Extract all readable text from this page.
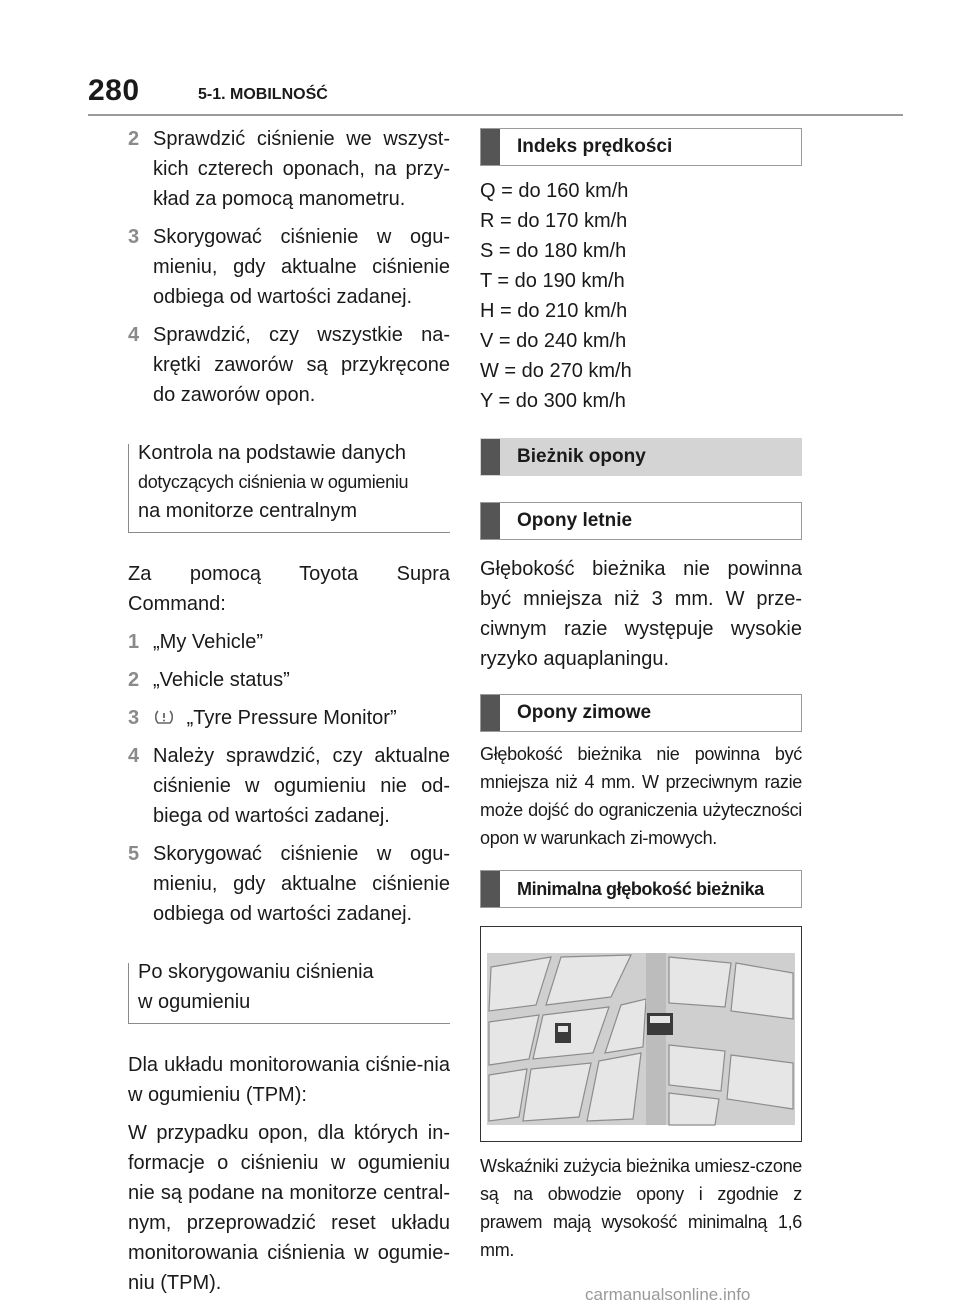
280	5-1. MOBILNOŚĆ
2 Sprawdzić ciśnienie we wszyst-kich czterech oponach, na przy-kład za pomocą manometru.
3 Skorygować ciśnienie w ogu-mieniu, gdy aktualne ciśnienie odbiega od wartości zadanej.
4 Sprawdzić, czy wszystkie na-krętki zaworów są przykręcone do zaworów opon.
Kontrola na podstawie danych
dotyczących ciśnienia w ogumieniu
na monitorze centralnym

Za pomocą Toyota Supra Command:

1 „My Vehicle”
2 „Vehicle status”
3 „Tyre Pressure Monitor”
4 Należy sprawdzić, czy aktualne ciśnienie w ogumieniu nie od-biega od wartości zadanej.
5 Skorygować ciśnienie w ogu-mieniu, gdy aktualne ciśnienie odbiega od wartości zadanej.
Po skorygowaniu ciśnienia
w ogumieniu

Dla układu monitorowania ciśnie-nia w ogumieniu (TPM):

W przypadku opon, dla których in-formacje o ciśnieniu w ogumieniu nie są podane na monitorze central-nym, przeprowadzić reset układu monitorowania ciśnienia w ogumie-niu (TPM).

Indeks prędkości
Q = do 160 km/h
R = do 170 km/h
S = do 180 km/h
T = do 190 km/h
H = do 210 km/h
V = do 240 km/h
W = do 270 km/h
Y = do 300 km/h
Bieżnik opony
Opony letnie

Głębokość bieżnika nie powinna być mniejsza niż 3 mm. W prze-ciwnym razie występuje wysokie ryzyko aquaplaningu.

Opony zimowe

Głębokość bieżnika nie powinna być mniejsza niż 4 mm. W przeciwnym razie może dojść do ograniczenia użyteczności opon w warunkach zi-mowych.

Minimalna głębokość bieżnika

Wskaźniki zużycia bieżnika umiesz-czone są na obwodzie opony i zgodnie z prawem mają wysokość minimalną 1,6 mm.

carmanualsonline.info
